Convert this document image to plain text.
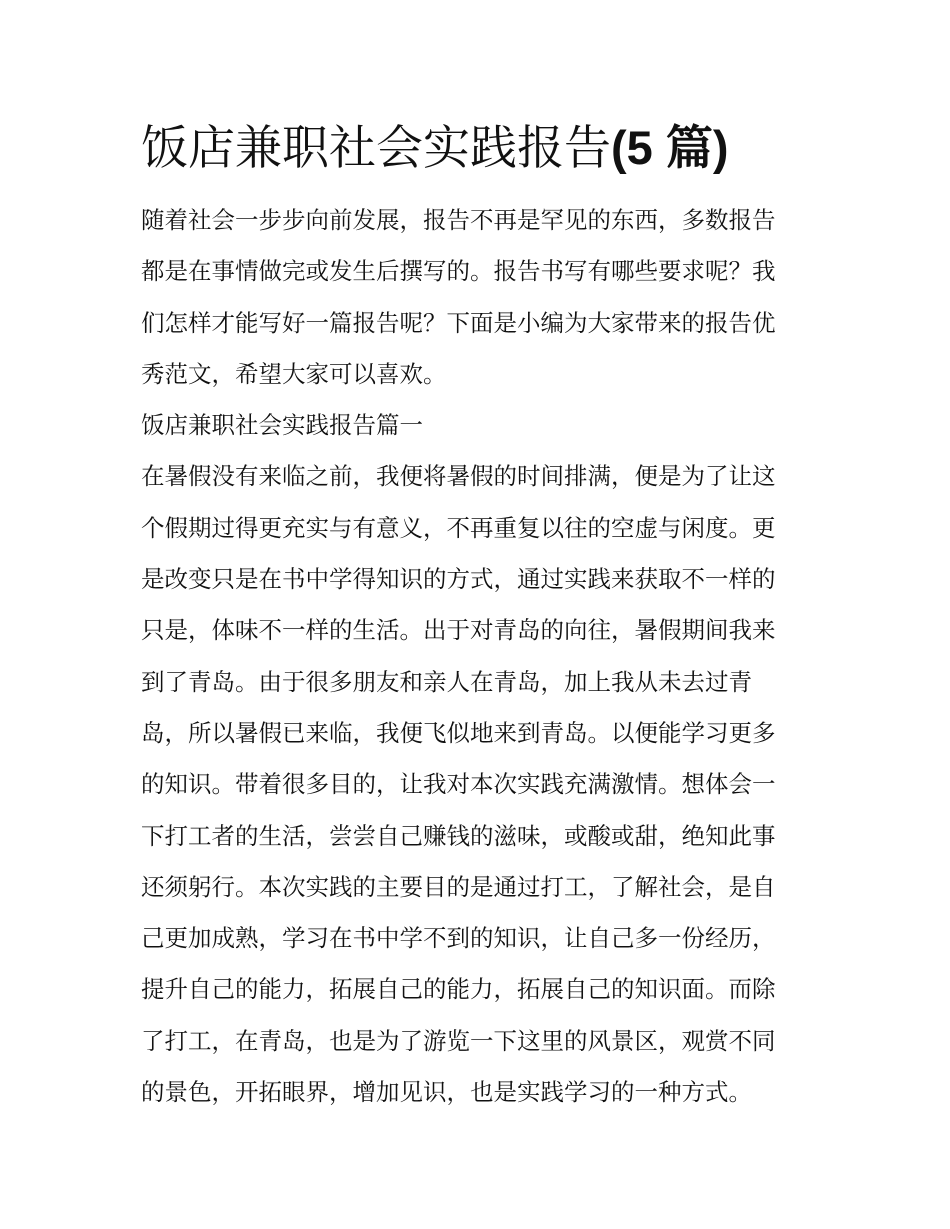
饭店兼职社会实践报告(5 篇)
随着社会一步步向前发展，报告不再是罕见的东西，多数报告
都是在事情做完或发生后撰写的。报告书写有哪些要求呢？我
们怎样才能写好一篇报告呢？下面是小编为大家带来的报告优
秀范文，希望大家可以喜欢。
饭店兼职社会实践报告篇一
在暑假没有来临之前，我便将暑假的时间排满，便是为了让这
个假期过得更充实与有意义，不再重复以往的空虚与闲度。更
是改变只是在书中学得知识的方式，通过实践来获取不一样的
只是，体味不一样的生活。出于对青岛的向往，暑假期间我来
到了青岛。由于很多朋友和亲人在青岛，加上我从未去过青
岛，所以暑假已来临，我便飞似地来到青岛。以便能学习更多
的知识。带着很多目的，让我对本次实践充满激情。想体会一
下打工者的生活，尝尝自己赚钱的滋味，或酸或甜，绝知此事
还须躬行。本次实践的主要目的是通过打工，了解社会，是自
己更加成熟，学习在书中学不到的知识，让自己多一份经历，
提升自己的能力，拓展自己的能力，拓展自己的知识面。而除
了打工，在青岛，也是为了游览一下这里的风景区，观赏不同
的景色，开拓眼界，增加见识，也是实践学习的一种方式。
